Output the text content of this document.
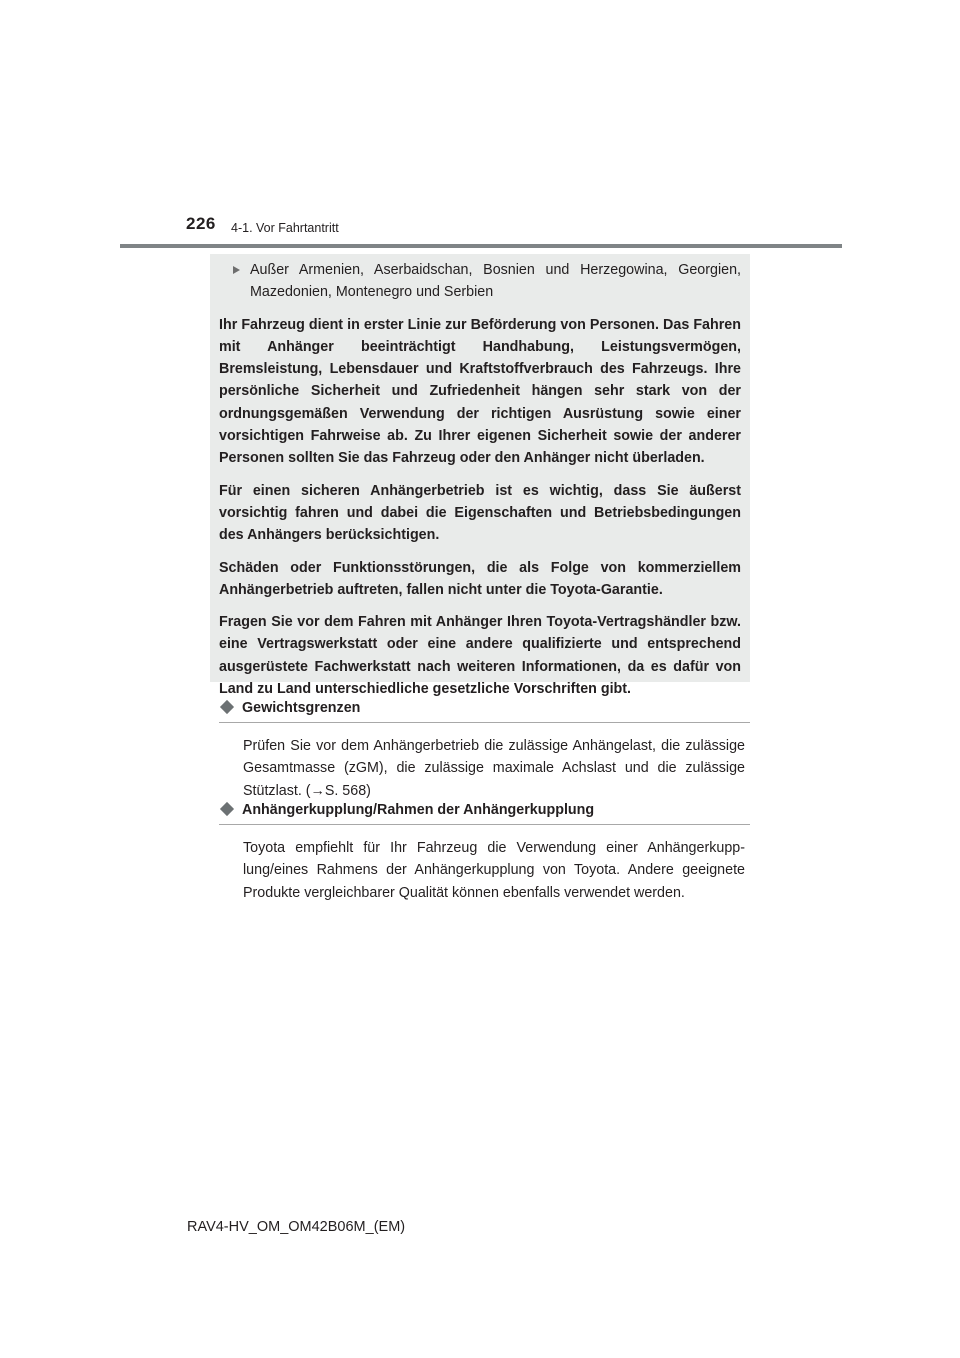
226 4-1. Vor Fahrtantritt
Außer Armenien, Aserbaidschan, Bosnien und Herzegowina, Georgien, Mazedonien, Montenegro und Serbien

Ihr Fahrzeug dient in erster Linie zur Beförderung von Personen. Das Fahren mit Anhänger beeinträchtigt Handhabung, Leistungsvermögen, Bremsleistung, Lebensdauer und Kraftstoffverbrauch des Fahrzeugs. Ihre persönliche Sicherheit und Zufriedenheit hängen sehr stark von der ordnungsgemäßen Verwendung der richtigen Ausrüstung sowie einer vorsichtigen Fahrweise ab. Zu Ihrer eigenen Sicherheit sowie der anderer Personen sollten Sie das Fahrzeug oder den Anhänger nicht überladen.

Für einen sicheren Anhängerbetrieb ist es wichtig, dass Sie äußerst vorsichtig fahren und dabei die Eigenschaften und Betriebsbedingungen des Anhängers berücksichtigen.

Schäden oder Funktionsstörungen, die als Folge von kommerziellem Anhängerbetrieb auftreten, fallen nicht unter die Toyota-Garantie.

Fragen Sie vor dem Fahren mit Anhänger Ihren Toyota-Vertragshändler bzw. eine Vertragswerkstatt oder eine andere qualifizierte und entsprechend ausgerüstete Fachwerkstatt nach weiteren Informationen, da es dafür von Land zu Land unterschiedliche gesetzliche Vorschriften gibt.

Gewichtsgrenzen
Prüfen Sie vor dem Anhängerbetrieb die zulässige Anhängelast, die zulässige Gesamtmasse (zGM), die zulässige maximale Achslast und die zulässige Stützlast. (→S. 568)
Anhängerkupplung/Rahmen der Anhängerkupplung
Toyota empfiehlt für Ihr Fahrzeug die Verwendung einer Anhängerkupplung/eines Rahmens der Anhängerkupplung von Toyota. Andere geeignete Produkte vergleichbarer Qualität können ebenfalls verwendet werden.
RAV4-HV_OM_OM42B06M_(EM)
